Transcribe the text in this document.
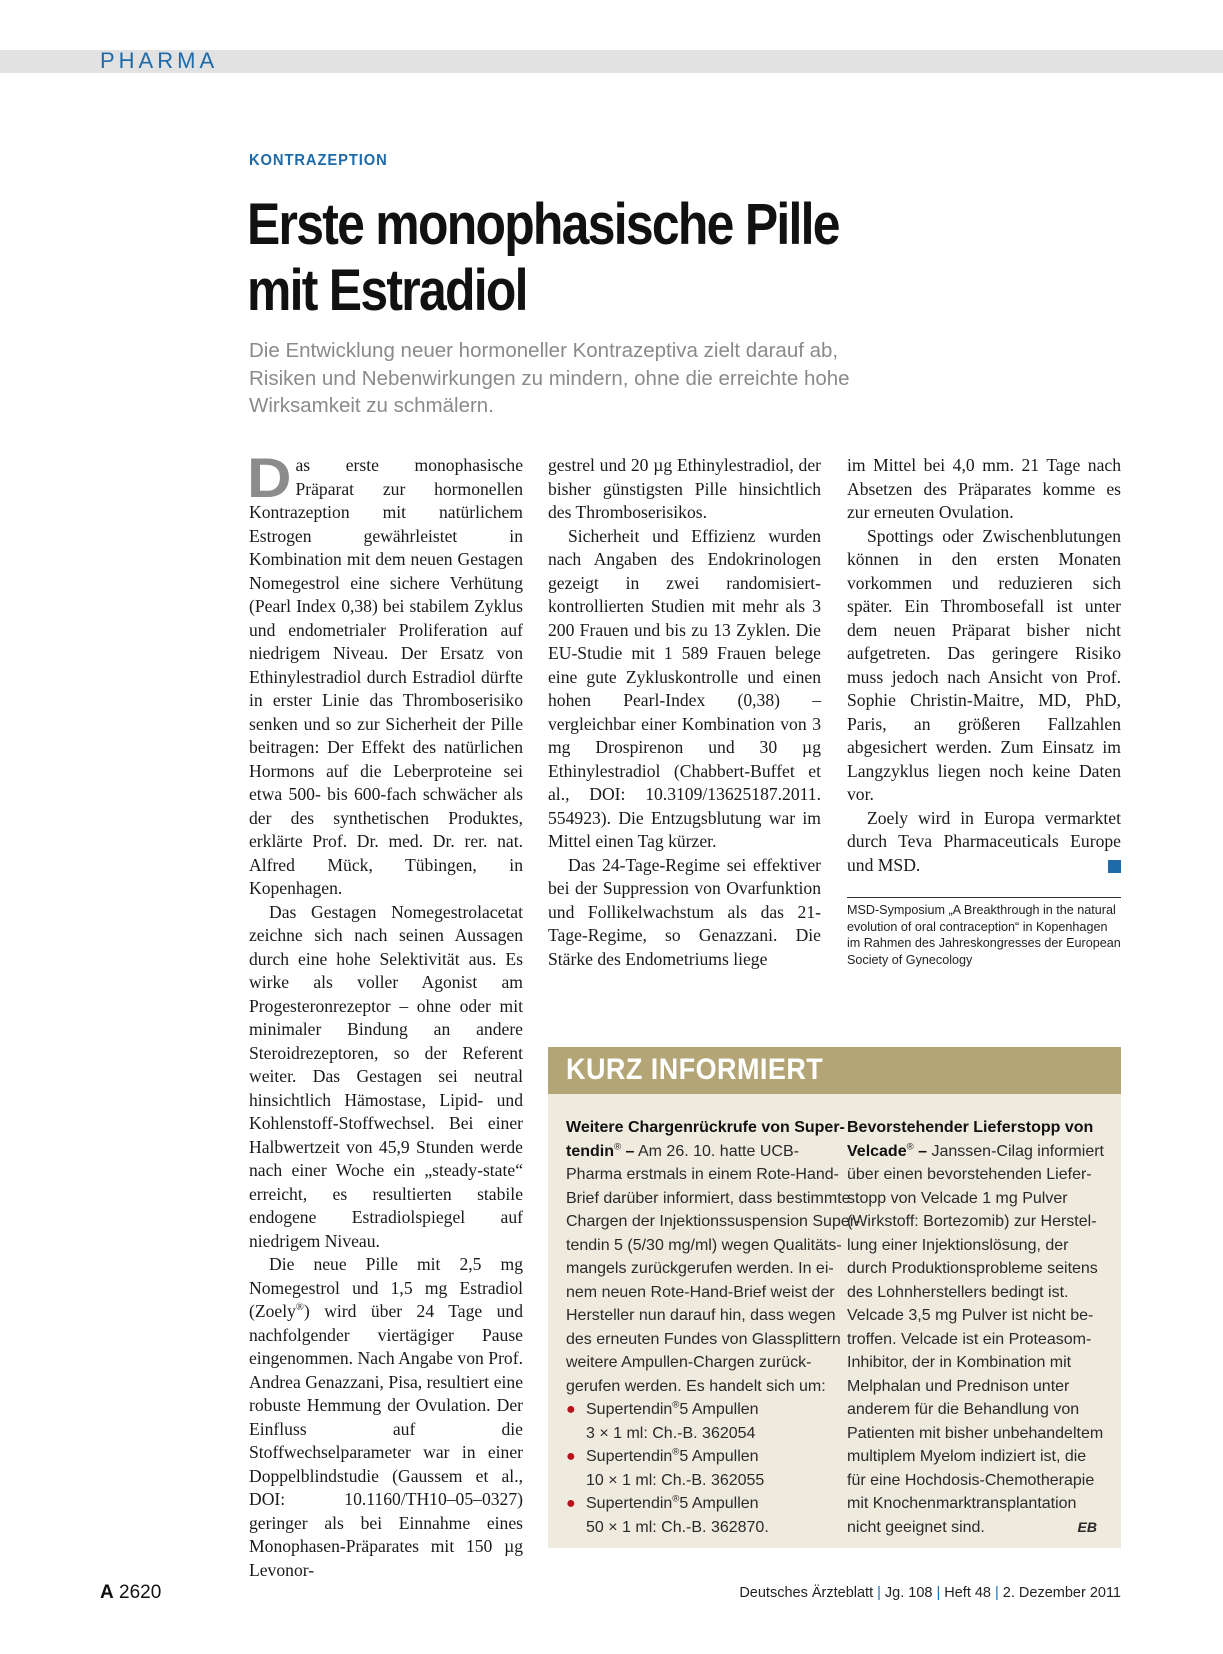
PHARMA
KONTRAZEPTION
Erste monophasische Pille
mit Estradiol
Die Entwicklung neuer hormoneller Kontrazeptiva zielt darauf ab,
Risiken und Nebenwirkungen zu mindern, ohne die erreichte hohe
Wirksamkeit zu schmälern.

Das erste monophasische Präparat zur hormonellen Kontrazeption mit natürlichem Estrogen gewährleistet in Kombination mit dem neuen Gestagen Nomegestrol eine sichere Verhütung (Pearl Index 0,38) bei stabilem Zyklus und endometrialer Proliferation auf niedrigem Niveau. Der Ersatz von Ethinylestradiol durch Estradiol dürfte in erster Linie das Thromboserisiko senken und so zur Sicherheit der Pille beitragen: Der Effekt des natürlichen Hormons auf die Leberproteine sei etwa 500- bis 600-fach schwächer als der des synthetischen Produktes, erklärte Prof. Dr. med. Dr. rer. nat. Alfred Mück, Tübingen, in Kopenhagen.

Das Gestagen Nomegestrolacetat zeichne sich nach seinen Aussagen durch eine hohe Selektivität aus. Es wirke als voller Agonist am Progesteronrezeptor – ohne oder mit minimaler Bindung an andere Steroidrezeptoren, so der Referent weiter. Das Gestagen sei neutral hinsichtlich Hämostase, Lipid- und Kohlenstoff-Stoffwechsel. Bei einer Halbwertzeit von 45,9 Stunden werde nach einer Woche ein „steady-state“ erreicht, es resultierten stabile endogene Estradiolspiegel auf niedrigem Niveau.

Die neue Pille mit 2,5 mg Nomegestrol und 1,5 mg Estradiol (Zoely®) wird über 24 Tage und nachfolgender viertägiger Pause eingenommen. Nach Angabe von Prof. Andrea Genazzani, Pisa, resultiert eine robuste Hemmung der Ovulation. Der Einfluss auf die Stoffwechselparameter war in einer Doppelblindstudie (Gaussem et al., DOI: 10.1160/TH10–05–0327) geringer als bei Einnahme eines Monophasen-Präparates mit 150 µg Levonor-

gestrel und 20 µg Ethinylestradiol, der bisher günstigsten Pille hinsichtlich des Thromboserisikos.

Sicherheit und Effizienz wurden nach Angaben des Endokrinologen gezeigt in zwei randomisiert-kontrollierten Studien mit mehr als 3 200 Frauen und bis zu 13 Zyklen. Die EU-Studie mit 1 589 Frauen belege eine gute Zykluskontrolle und einen hohen Pearl-Index (0,38) – vergleichbar einer Kombination von 3 mg Drospirenon und 30 µg Ethinylestradiol (Chabbert-Buffet et al., DOI: 10.3109/13625187.2011. 554923). Die Entzugsblutung war im Mittel einen Tag kürzer.

Das 24-Tage-Regime sei effektiver bei der Suppression von Ovarfunktion und Follikelwachstum als das 21-Tage-Regime, so Genazzani. Die Stärke des Endometriums liege

im Mittel bei 4,0 mm. 21 Tage nach Absetzen des Präparates komme es zur erneuten Ovulation.

Spottings oder Zwischenblutungen können in den ersten Monaten vorkommen und reduzieren sich später. Ein Thrombosefall ist unter dem neuen Präparat bisher nicht aufgetreten. Das geringere Risiko muss jedoch nach Ansicht von Prof. Sophie Christin-Maitre, MD, PhD, Paris, an größeren Fallzahlen abgesichert werden. Zum Einsatz im Langzyklus liegen noch keine Daten vor.

Zoely wird in Europa vermarktet durch Teva Pharmaceuticals Europe und MSD.

MSD-Symposium „A Breakthrough in the natural
evolution of oral contraception“ in Kopenhagen
im Rahmen des Jahreskongresses der European
Society of Gynecology
KURZ INFORMIERT
Weitere Chargenrückrufe von Super-
tendin® – Am 26. 10. hatte UCB-
Pharma erstmals in einem Rote-Hand-
Brief darüber informiert, dass bestimmte
Chargen der Injektionssuspension Super-
tendin 5 (5/30 mg/ml) wegen Qualitäts-
mangels zurückgerufen werden. In ei-
nem neuen Rote-Hand-Brief weist der
Hersteller nun darauf hin, dass wegen
des erneuten Fundes von Glassplittern
weitere Ampullen-Chargen zurück-
gerufen werden. Es handelt sich um:
● Supertendin®5 Ampullen
3 × 1 ml: Ch.-B. 362054
● Supertendin®5 Ampullen
10 × 1 ml: Ch.-B. 362055
● Supertendin®5 Ampullen
50 × 1 ml: Ch.-B. 362870.
Bevorstehender Lieferstopp von
Velcade® – Janssen-Cilag informiert
über einen bevorstehenden Liefer-
stopp von Velcade 1 mg Pulver
(Wirkstoff: Bortezomib) zur Herstel-
lung einer Injektionslösung, der
durch Produktionsprobleme seitens
des Lohnherstellers bedingt ist.
Velcade 3,5 mg Pulver ist nicht be-
troffen. Velcade ist ein Proteasom-
Inhibitor, der in Kombination mit
Melphalan und Prednison unter
anderem für die Behandlung von
Patienten mit bisher unbehandeltem
multiplem Myelom indiziert ist, die
für eine Hochdosis-Chemotherapie
mit Knochenmarktransplantation
nicht geeignet sind.	EB
A 2620	Deutsches Ärzteblatt | Jg. 108 | Heft 48 | 2. Dezember 2011
